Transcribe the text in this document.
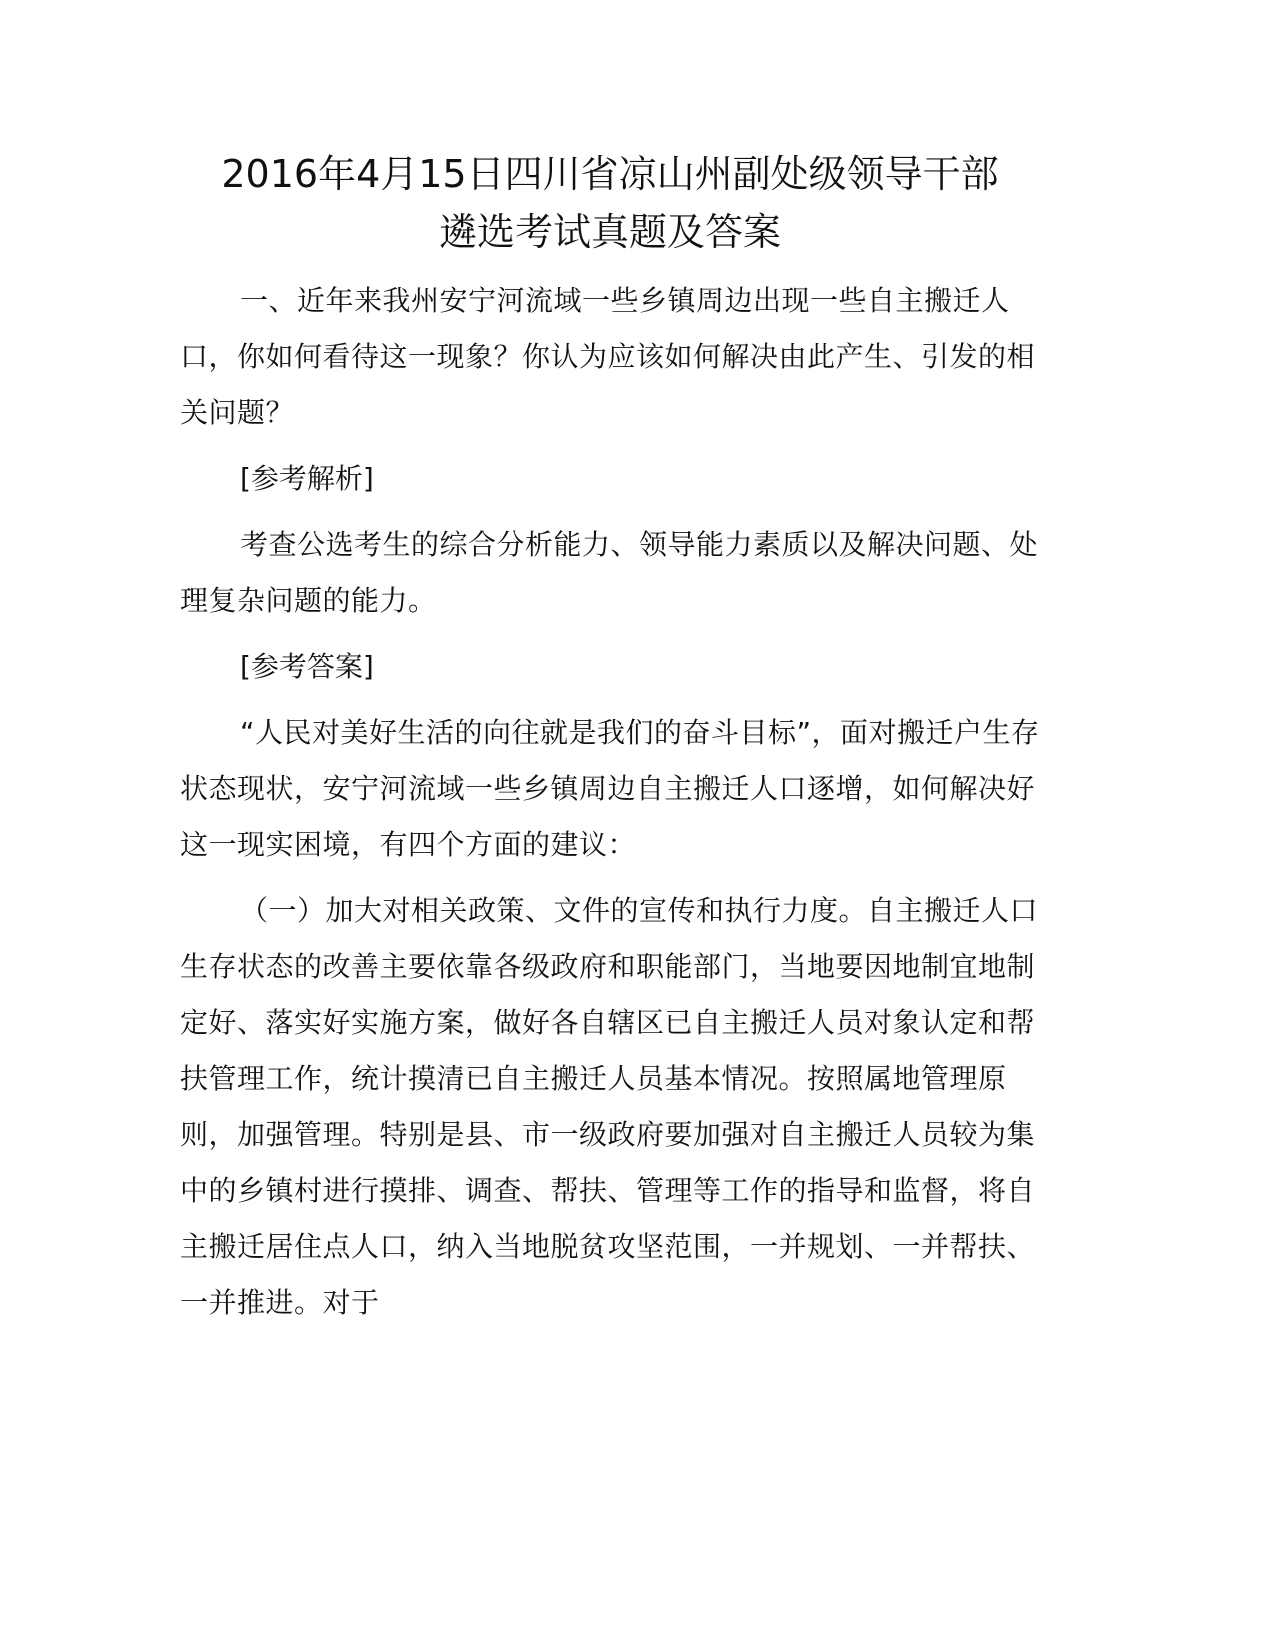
2016年4月15日四川省凉山州副处级领导干部
遴选考试真题及答案

一、近年来我州安宁河流域一些乡镇周边出现一些自主搬迁人口，你如何看待这一现象？你认为应该如何解决由此产生、引发的相关问题？

[参考解析]

考查公选考生的综合分析能力、领导能力素质以及解决问题、处理复杂问题的能力。

[参考答案]

“人民对美好生活的向往就是我们的奋斗目标”，面对搬迁户生存状态现状，安宁河流域一些乡镇周边自主搬迁人口逐增，如何解决好这一现实困境，有四个方面的建议：

（一）加大对相关政策、文件的宣传和执行力度。自主搬迁人口生存状态的改善主要依靠各级政府和职能部门，当地要因地制宜地制定好、落实好实施方案，做好各自辖区已自主搬迁人员对象认定和帮扶管理工作，统计摸清已自主搬迁人员基本情况。按照属地管理原则，加强管理。特别是县、市一级政府要加强对自主搬迁人员较为集中的乡镇村进行摸排、调查、帮扶、管理等工作的指导和监督，将自主搬迁居住点人口，纳入当地脱贫攻坚范围，一并规划、一并帮扶、一并推进。对于
